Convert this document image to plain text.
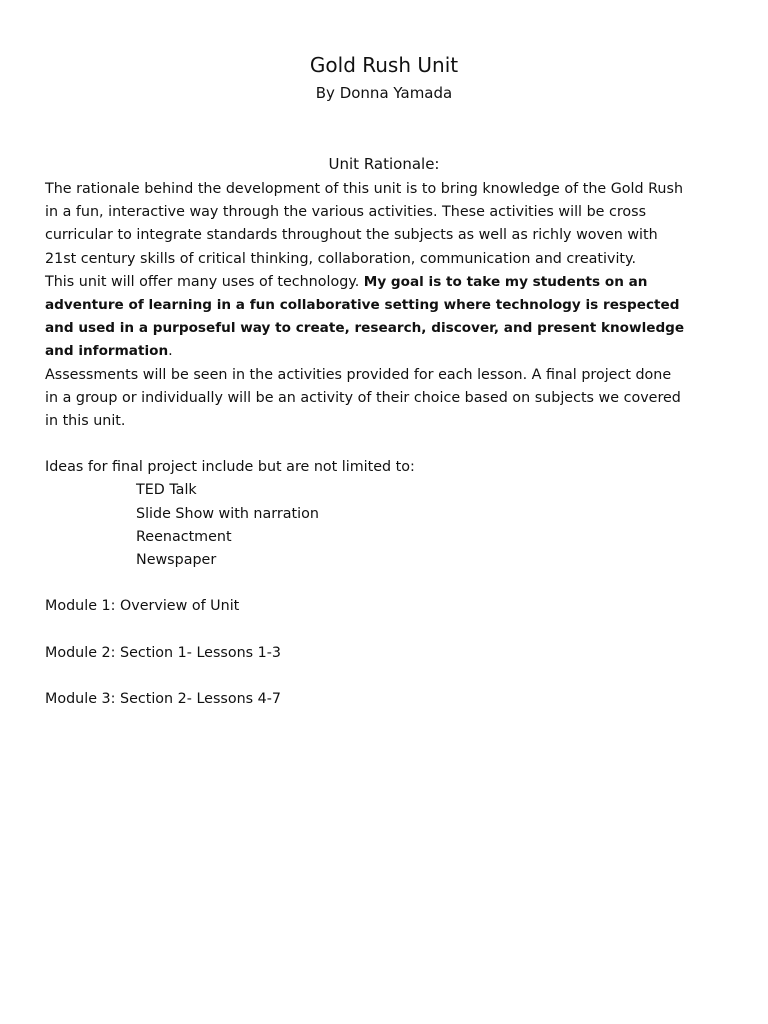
Gold Rush Unit
By Donna Yamada
Unit Rationale:
The rationale behind the development of this unit is to bring knowledge of the Gold Rush
in a fun, interactive way through the various activities. These activities will be cross
curricular to integrate standards throughout the subjects as well as richly woven with
21st century skills of critical thinking, collaboration, communication and creativity.
This unit will offer many uses of technology. My goal is to take my students on an
adventure of learning in a fun collaborative setting where technology is respected
and used in a purposeful way to create, research, discover, and present knowledge
and information.
Assessments will be seen in the activities provided for each lesson. A final project done
in a group or individually will be an activity of their choice based on subjects we covered
in this unit.
Ideas for final project include but are not limited to:
TED Talk
Slide Show with narration
Reenactment
Newspaper
Module 1: Overview of Unit
Module 2: Section 1- Lessons 1-3
Module 3: Section 2- Lessons 4-7
